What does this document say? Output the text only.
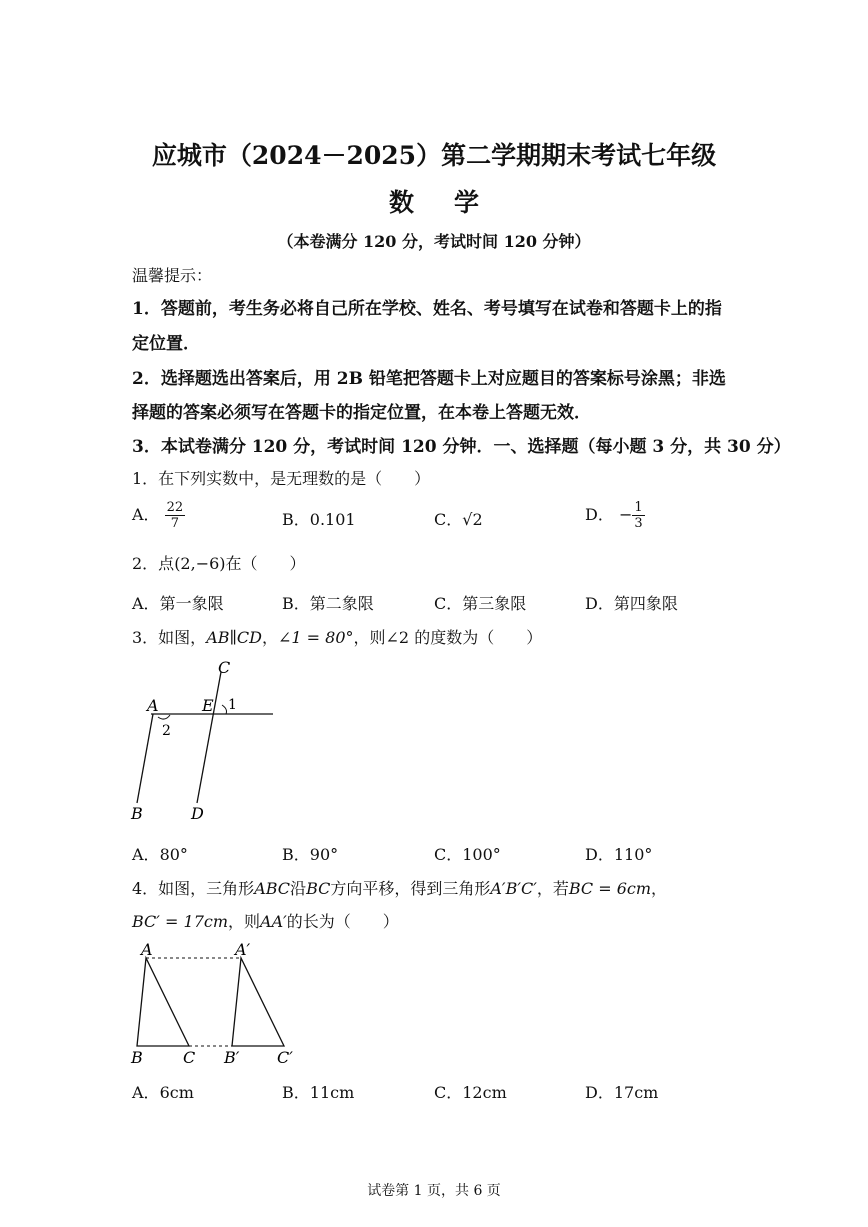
应城市（2024－2025）第二学期期末考试七年级
数学
（本卷满分 120 分，考试时间 120 分钟）
温馨提示：
1．答题前，考生务必将自己所在学校、姓名、考号填写在试卷和答题卡上的指
定位置．
2．选择题选出答案后，用 2B 铅笔把答题卡上对应题目的答案标号涂黑；非选
择题的答案必须写在答题卡的指定位置，在本卷上答题无效．
3．本试卷满分 120 分，考试时间 120 分钟．一、选择题（每小题 3 分，共 30 分）
1．在下列实数中，是无理数的是（　　）
A． $\frac{22}{7}$	B．0.101	C．√2	D． − $\frac{1}{3}$
2．点(2,−6)在（　　）
A．第一象限	B．第二象限	C．第三象限	D．第四象限
3．如图，AB∥CD，∠1 = 80°，则∠2 的度数为（　　）
C
A	E 1
2
B	D
A．80°	B．90°	C．100°	D．110°
4．如图，三角形ABC沿BC方向平移，得到三角形A′B′C′，若BC = 6cm，
BC′ = 17cm，则AA′的长为（　　）
A	A′
B	C B′ C′
A．6cm	B．11cm	C．12cm	D．17cm
试卷第 1 页，共 6 页
